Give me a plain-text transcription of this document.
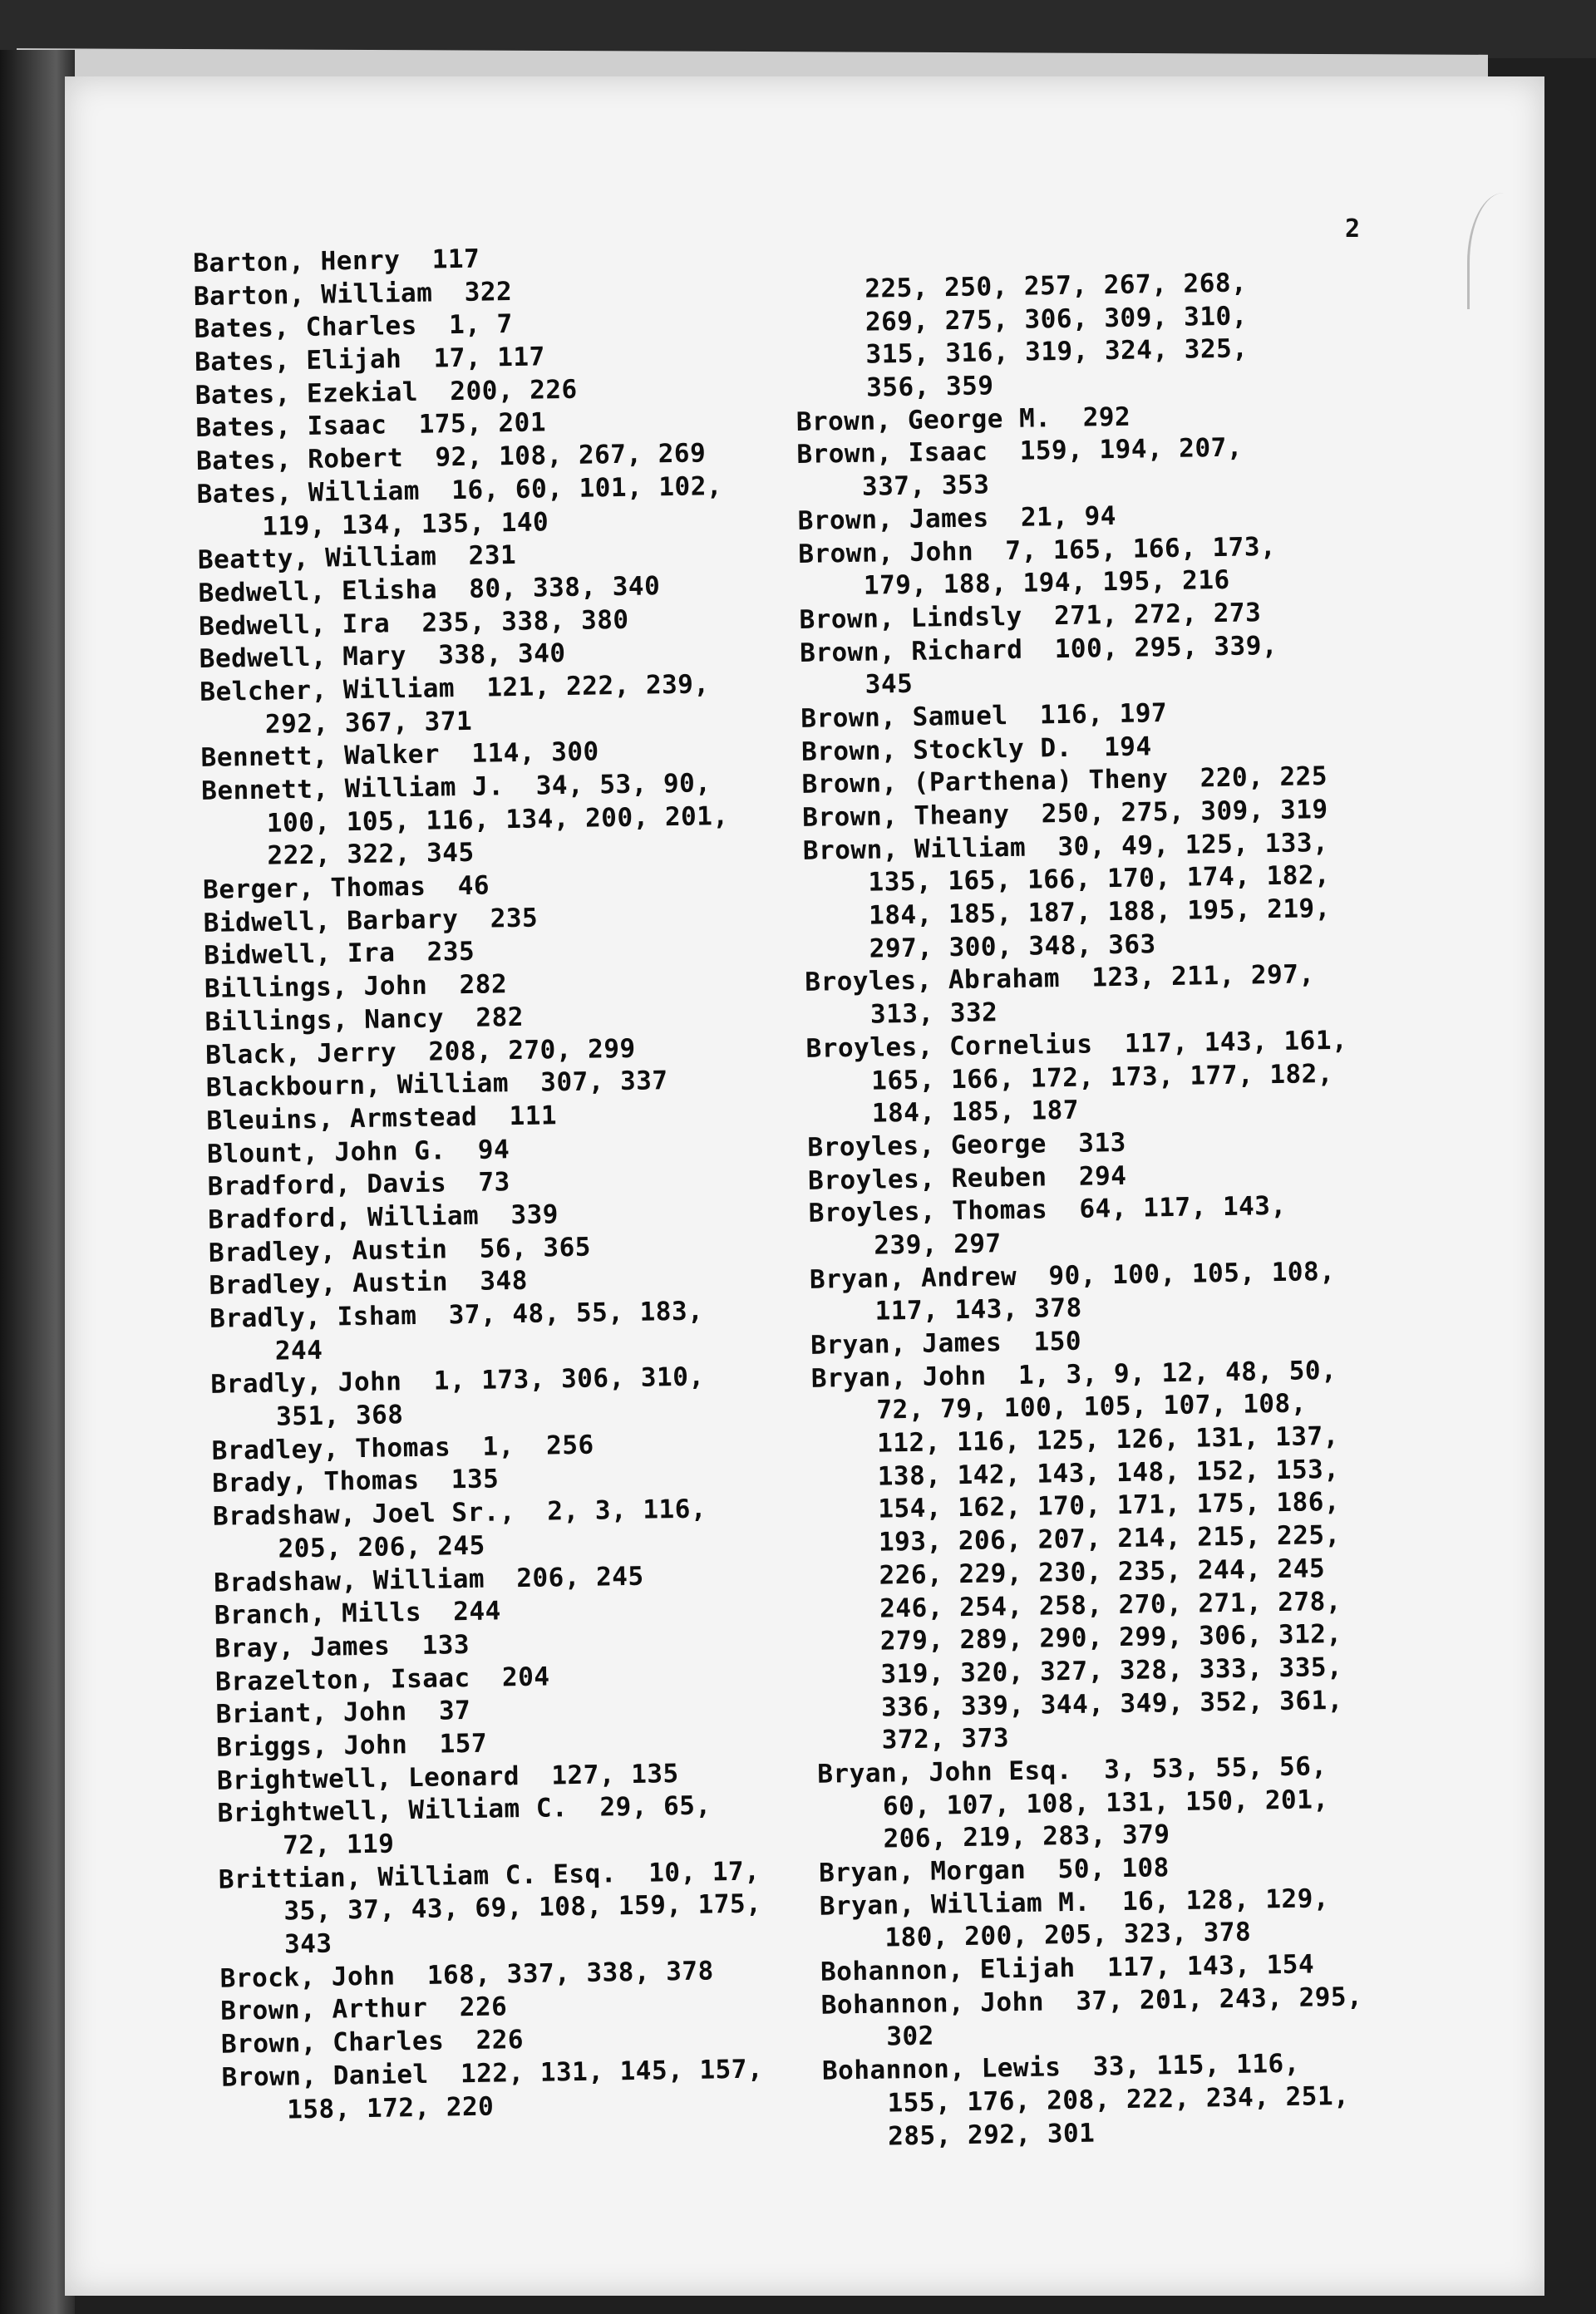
2
Barton, Henry  117
Barton, William  322
Bates, Charles  1, 7
Bates, Elijah  17, 117
Bates, Ezekial  200, 226
Bates, Isaac  175, 201
Bates, Robert  92, 108, 267, 269
Bates, William  16, 60, 101, 102,
119, 134, 135, 140
Beatty, William  231
Bedwell, Elisha  80, 338, 340
Bedwell, Ira  235, 338, 380
Bedwell, Mary  338, 340
Belcher, William  121, 222, 239,
292, 367, 371
Bennett, Walker  114, 300
Bennett, William J.  34, 53, 90,
100, 105, 116, 134, 200, 201,
222, 322, 345
Berger, Thomas  46
Bidwell, Barbary  235
Bidwell, Ira  235
Billings, John  282
Billings, Nancy  282
Black, Jerry  208, 270, 299
Blackbourn, William  307, 337
Bleuins, Armstead  111
Blount, John G.  94
Bradford, Davis  73
Bradford, William  339
Bradley, Austin  56, 365
Bradley, Austin  348
Bradly, Isham  37, 48, 55, 183,
244
Bradly, John  1, 173, 306, 310,
351, 368
Bradley, Thomas  1,  256
Brady, Thomas  135
Bradshaw, Joel Sr.,  2, 3, 116,
205, 206, 245
Bradshaw, William  206, 245
Branch, Mills  244
Bray, James  133
Brazelton, Isaac  204
Briant, John  37
Briggs, John  157
Brightwell, Leonard  127, 135
Brightwell, William C.  29, 65,
72, 119
Brittian, William C. Esq.  10, 17,
35, 37, 43, 69, 108, 159, 175,
343
Brock, John  168, 337, 338, 378
Brown, Arthur  226
Brown, Charles  226
Brown, Daniel  122, 131, 145, 157,
158, 172, 220
225, 250, 257, 267, 268,
269, 275, 306, 309, 310,
315, 316, 319, 324, 325,
356, 359
Brown, George M.  292
Brown, Isaac  159, 194, 207,
337, 353
Brown, James  21, 94
Brown, John  7, 165, 166, 173,
179, 188, 194, 195, 216
Brown, Lindsly  271, 272, 273
Brown, Richard  100, 295, 339,
345
Brown, Samuel  116, 197
Brown, Stockly D.  194
Brown, (Parthena) Theny  220, 225
Brown, Theany  250, 275, 309, 319
Brown, William  30, 49, 125, 133,
135, 165, 166, 170, 174, 182,
184, 185, 187, 188, 195, 219,
297, 300, 348, 363
Broyles, Abraham  123, 211, 297,
313, 332
Broyles, Cornelius  117, 143, 161,
165, 166, 172, 173, 177, 182,
184, 185, 187
Broyles, George  313
Broyles, Reuben  294
Broyles, Thomas  64, 117, 143,
239, 297
Bryan, Andrew  90, 100, 105, 108,
117, 143, 378
Bryan, James  150
Bryan, John  1, 3, 9, 12, 48, 50,
72, 79, 100, 105, 107, 108,
112, 116, 125, 126, 131, 137,
138, 142, 143, 148, 152, 153,
154, 162, 170, 171, 175, 186,
193, 206, 207, 214, 215, 225,
226, 229, 230, 235, 244, 245
246, 254, 258, 270, 271, 278,
279, 289, 290, 299, 306, 312,
319, 320, 327, 328, 333, 335,
336, 339, 344, 349, 352, 361,
372, 373
Bryan, John Esq.  3, 53, 55, 56,
60, 107, 108, 131, 150, 201,
206, 219, 283, 379
Bryan, Morgan  50, 108
Bryan, William M.  16, 128, 129,
180, 200, 205, 323, 378
Bohannon, Elijah  117, 143, 154
Bohannon, John  37, 201, 243, 295,
302
Bohannon, Lewis  33, 115, 116,
155, 176, 208, 222, 234, 251,
285, 292, 301
